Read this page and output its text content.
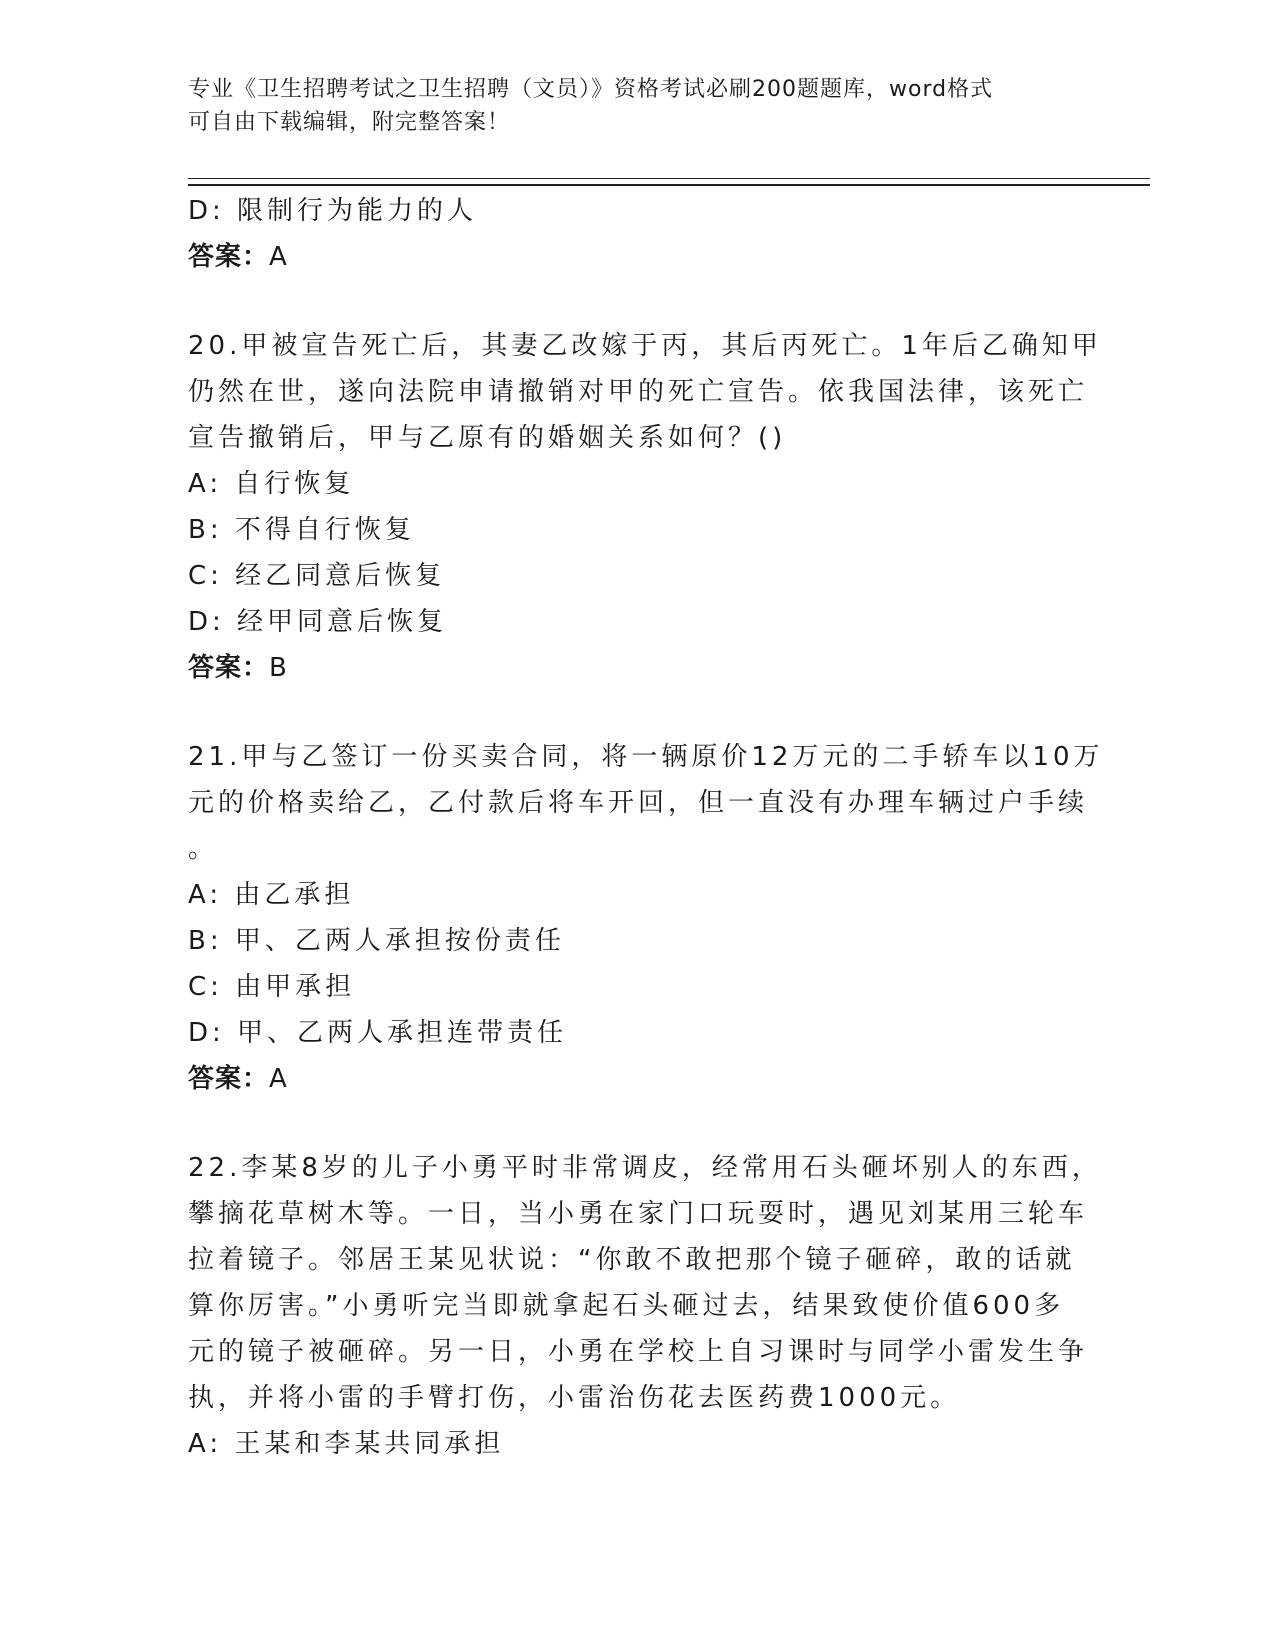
专业《卫生招聘考试之卫生招聘（文员）》资格考试必刷200题题库，word格式
可自由下载编辑，附完整答案！
D: 限制行为能力的人
答案：A
20.甲被宣告死亡后，其妻乙改嫁于丙，其后丙死亡。1年后乙确知甲
仍然在世，遂向法院申请撤销对甲的死亡宣告。依我国法律，该死亡
宣告撤销后，甲与乙原有的婚姻关系如何？()
A: 自行恢复
B: 不得自行恢复
C: 经乙同意后恢复
D: 经甲同意后恢复
答案：B
21.甲与乙签订一份买卖合同，将一辆原价12万元的二手轿车以10万
元的价格卖给乙，乙付款后将车开回，但一直没有办理车辆过户手续
。
A: 由乙承担
B: 甲、乙两人承担按份责任
C: 由甲承担
D: 甲、乙两人承担连带责任
答案：A
22.李某8岁的儿子小勇平时非常调皮，经常用石头砸坏别人的东西，
攀摘花草树木等。一日，当小勇在家门口玩耍时，遇见刘某用三轮车
拉着镜子。邻居王某见状说：“你敢不敢把那个镜子砸碎，敢的话就
算你厉害。”小勇听完当即就拿起石头砸过去，结果致使价值600多
元的镜子被砸碎。另一日，小勇在学校上自习课时与同学小雷发生争
执，并将小雷的手臂打伤，小雷治伤花去医药费1000元。
A: 王某和李某共同承担
